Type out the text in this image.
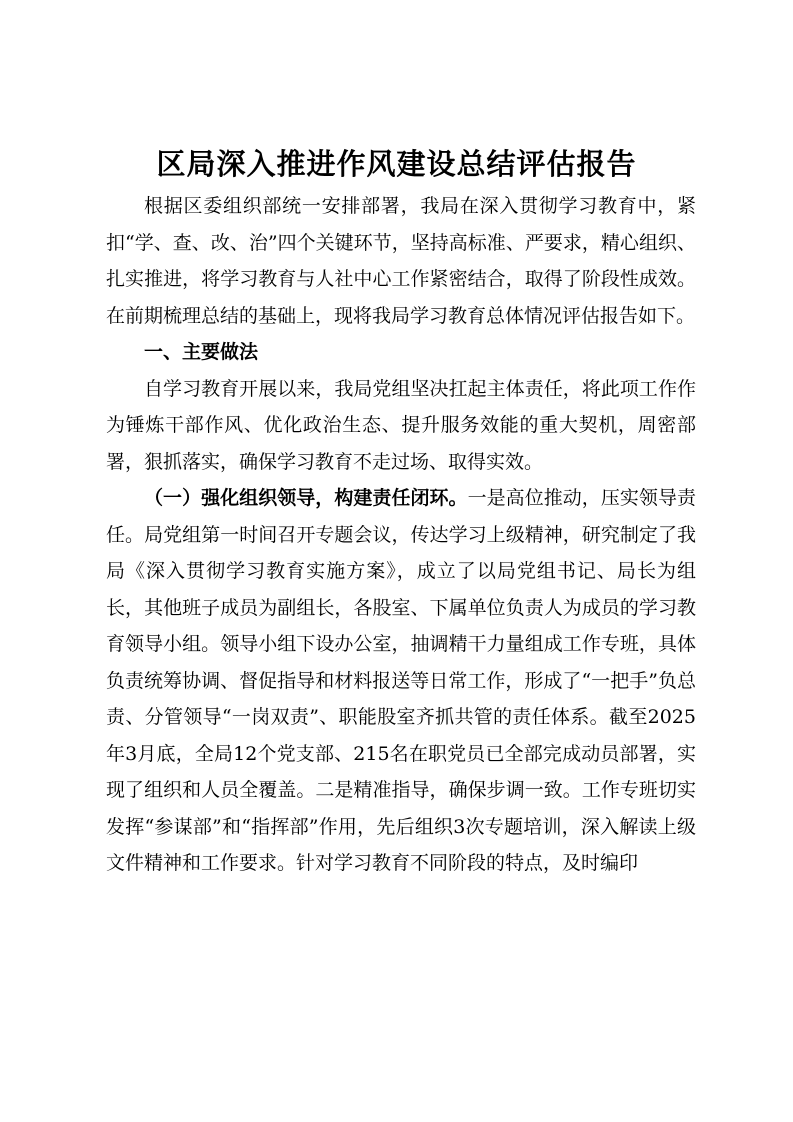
区局深入推进作风建设总结评估报告

根据区委组织部统一安排部署，我局在深入贯彻学习教育中，紧扣“学、查、改、治”四个关键环节，坚持高标准、严要求，精心组织、扎实推进，将学习教育与人社中心工作紧密结合，取得了阶段性成效。在前期梳理总结的基础上，现将我局学习教育总体情况评估报告如下。

一、主要做法

自学习教育开展以来，我局党组坚决扛起主体责任，将此项工作作为锤炼干部作风、优化政治生态、提升服务效能的重大契机，周密部署，狠抓落实，确保学习教育不走过场、取得实效。

（一）强化组织领导，构建责任闭环。一是高位推动，压实领导责任。局党组第一时间召开专题会议，传达学习上级精神，研究制定了我局《深入贯彻学习教育实施方案》，成立了以局党组书记、局长为组长，其他班子成员为副组长，各股室、下属单位负责人为成员的学习教育领导小组。领导小组下设办公室，抽调精干力量组成工作专班，具体负责统筹协调、督促指导和材料报送等日常工作，形成了“一把手”负总责、分管领导“一岗双责”、职能股室齐抓共管的责任体系。截至2025年3月底，全局12个党支部、215名在职党员已全部完成动员部署，实现了组织和人员全覆盖。二是精准指导，确保步调一致。工作专班切实发挥“参谋部”和“指挥部”作用，先后组织3次专题培训，深入解读上级文件精神和工作要求。针对学习教育不同阶段的特点，及时编印
